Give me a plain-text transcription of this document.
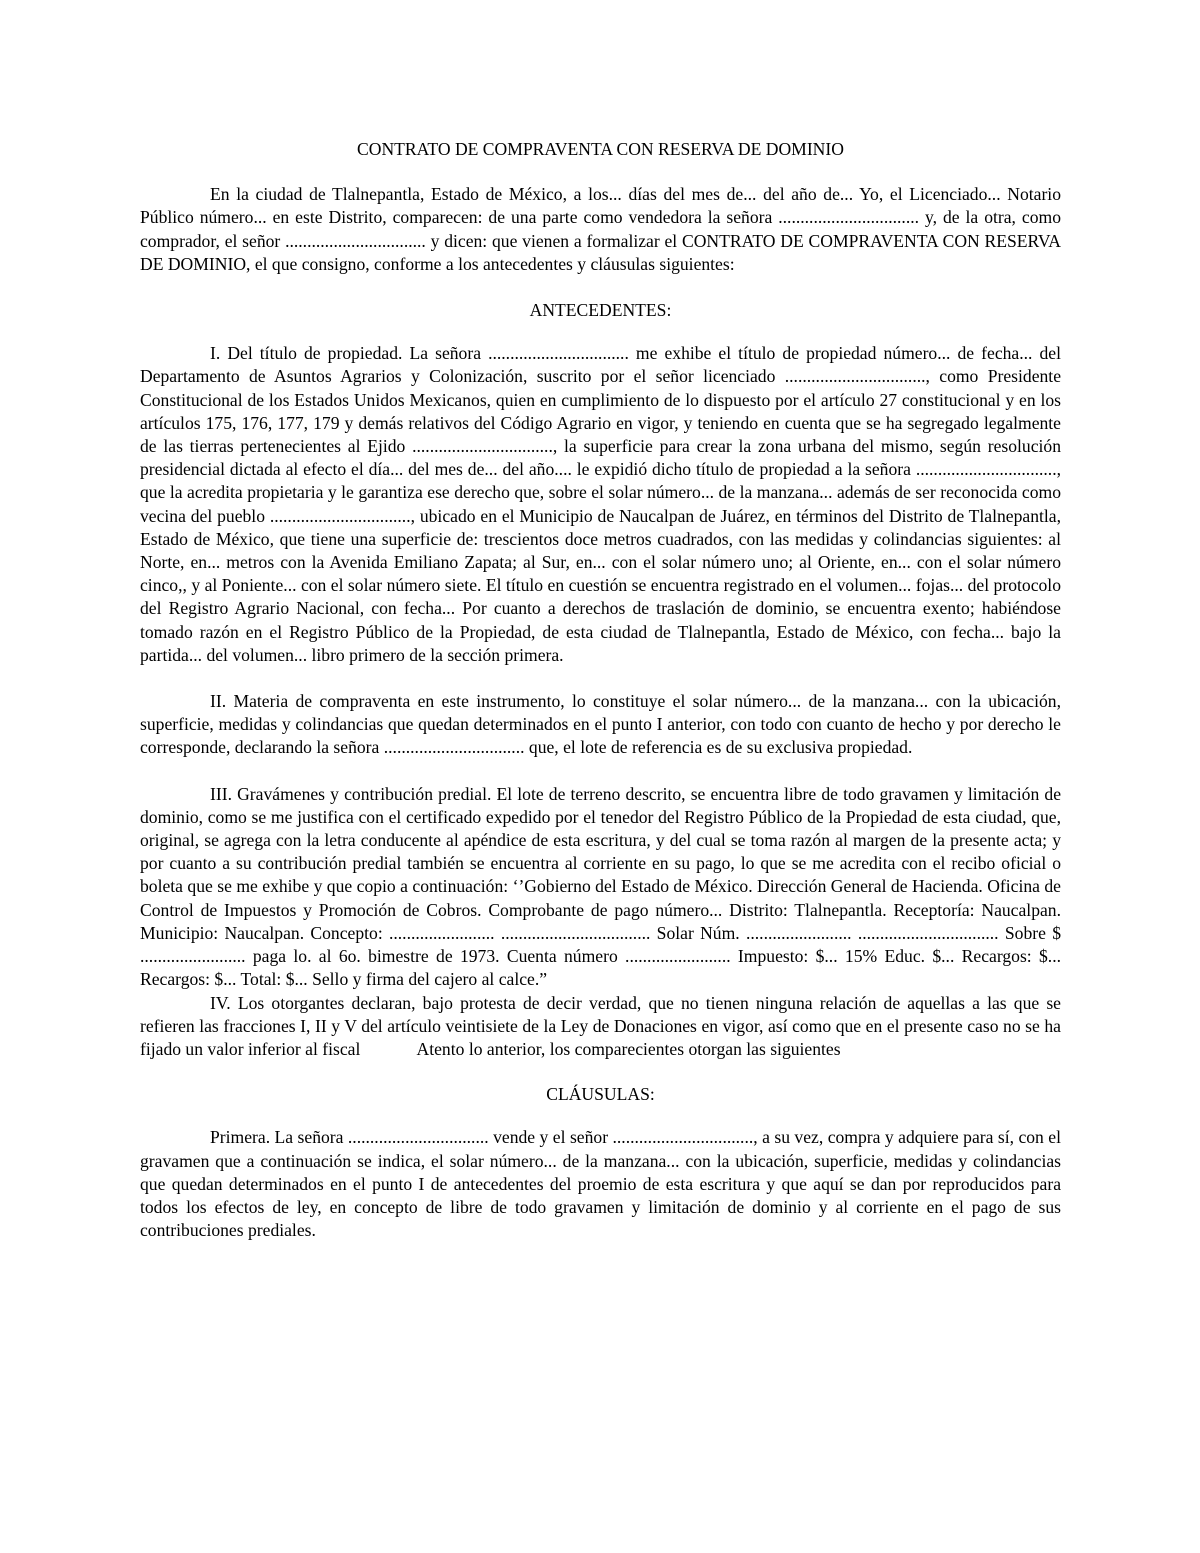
CONTRATO DE COMPRAVENTA CON RESERVA DE DOMINIO

En la ciudad de Tlalnepantla, Estado de México, a los... días del mes de... del año de... Yo, el Licenciado... Notario Público número... en este Distrito, comparecen: de una parte como vendedora la señora ................................ y, de la otra, como comprador, el señor ................................ y dicen: que vienen a formalizar el CONTRATO DE COMPRAVENTA CON RESERVA DE DOMINIO, el que consigno, conforme a los antecedentes y cláusulas siguientes:

ANTECEDENTES:

I. Del título de propiedad. La señora ................................ me exhibe el título de propiedad número... de fecha... del Departamento de Asuntos Agrarios y Colonización, suscrito por el señor licenciado ................................, como Presidente Constitucional de los Estados Unidos Mexicanos, quien en cumplimiento de lo dispuesto por el artículo 27 constitucional y en los artículos 175, 176, 177, 179 y demás relativos del Código Agrario en vigor, y teniendo en cuenta que se ha segregado legalmente de las tierras pertenecientes al Ejido ................................, la superficie para crear la zona urbana del mismo, según resolución presidencial dictada al efecto el día... del mes de... del año.... le expidió dicho título de propiedad a la señora ................................, que la acredita propietaria y le garantiza ese derecho que, sobre el solar número... de la manzana... además de ser reconocida como vecina del pueblo ................................, ubicado en el Municipio de Naucalpan de Juárez, en términos del Distrito de Tlalnepantla, Estado de México, que tiene una superficie de: trescientos doce metros cuadrados, con las medidas y colindancias siguientes: al Norte, en... metros con la Avenida Emiliano Zapata; al Sur, en... con el solar número uno; al Oriente, en... con el solar número cinco,, y al Poniente... con el solar número siete. El título en cuestión se encuentra registrado en el volumen... fojas... del protocolo del Registro Agrario Nacional, con fecha... Por cuanto a derechos de traslación de dominio, se encuentra exento; habiéndose tomado razón en el Registro Público de la Propiedad, de esta ciudad de Tlalnepantla, Estado de México, con fecha... bajo la partida... del volumen... libro primero de la sección primera.

II. Materia de compraventa en este instrumento, lo constituye el solar número... de la manzana... con la ubicación, superficie, medidas y colindancias que quedan determinados en el punto I anterior, con todo con cuanto de hecho y por derecho le corresponde, declarando la señora ................................ que, el lote de referencia es de su exclusiva propiedad.

III. Gravámenes y contribución predial. El lote de terreno descrito, se encuentra libre de todo gravamen y limitación de dominio, como se me justifica con el certificado expedido por el tenedor del Registro Público de la Propiedad de esta ciudad, que, original, se agrega con la letra conducente al apéndice de esta escritura, y del cual se toma razón al margen de la presente acta; y por cuanto a su contribución predial también se encuentra al corriente en su pago, lo que se me acredita con el recibo oficial o boleta que se me exhibe y que copio a continuación: ‘’Gobierno del Estado de México. Dirección General de Hacienda. Oficina de Control de Impuestos y Promoción de Cobros. Comprobante de pago número... Distrito: Tlalnepantla. Receptoría: Naucalpan. Municipio: Naucalpan. Concepto: ........................ .................................. Solar Núm. ........................ ................................ Sobre $ ........................ paga lo. al 6o. bimestre de 1973. Cuenta número ........................ Impuesto: $... 15% Educ. $... Recargos: $... Recargos: $... Total: $... Sello y firma del cajero al calce.”

IV. Los otorgantes declaran, bajo protesta de decir verdad, que no tienen ninguna relación de aquellas a las que se refieren las fracciones I, II y V del artículo veintisiete de la Ley de Donaciones en vigor, así como que en el presente caso no se ha fijado un valor inferior al fiscal             Atento lo anterior, los comparecientes otorgan las siguientes

CLÁUSULAS:

Primera. La señora ................................ vende y el señor ................................, a su vez, compra y adquiere para sí, con el gravamen que a continuación se indica, el solar número... de la manzana... con la ubicación, superficie, medidas y colindancias que quedan determinados en el punto I de antecedentes del proemio de esta escritura y que aquí se dan por reproducidos para todos los efectos de ley, en concepto de libre de todo gravamen y limitación de dominio y al corriente en el pago de sus contribuciones prediales.
